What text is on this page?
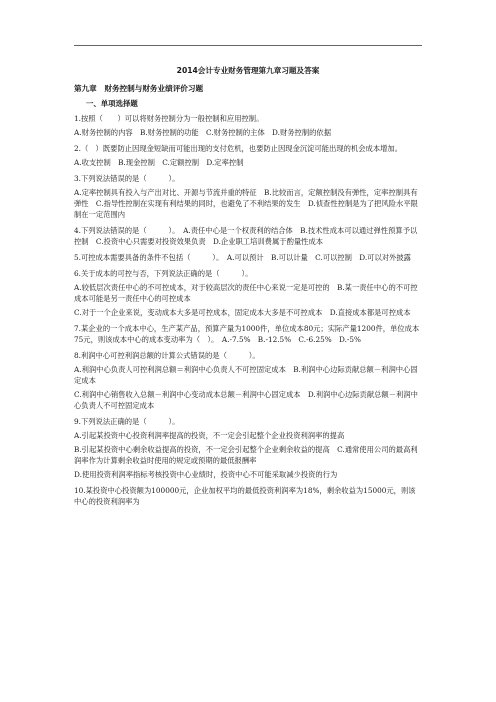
2014会计专业财务管理第九章习题及答案
第九章　财务控制与财务业绩评价习题
一、单项选择题
1.按照（　　）可以将财务控制分为一般控制和应用控制。
A.财务控制的内容　B.财务控制的功能　C.财务控制的主体　D.财务控制的依据
2.（　）既要防止因现金短缺而可能出现的支付危机，也要防止因现金沉淀可能出现的机会成本增加。
A.收支控制　B.现金控制　C.定额控制　D.定率控制
3.下列说法错误的是（　　　）。
A.定率控制具有投入与产出对比、开源与节流并重的特征　B.比较而言，定额控制没有弹性，定率控制具有弹性　C.指导性控制在实现有利结果的同时，也避免了不利结果的发生　D.侦查性控制是为了把风险水平限制在一定范围内
4.下列说法错误的是（　　　）。　A.责任中心是一个权责利的结合体　B.技术性成本可以通过弹性预算予以控制　C.投资中心只需要对投资效果负责　D.企业职工培训费属于酌量性成本
5.可控成本需要具备的条件不包括（　　　）。　A.可以预计　B.可以计量　C.可以控制　D.可以对外披露
6.关于成本的可控与否，下列说法正确的是（　　　）。
A.较低层次责任中心的不可控成本，对于较高层次的责任中心来说一定是可控的　B.某一责任中心的不可控成本可能是另一责任中心的可控成本
C.对于一个企业来说，变动成本大多是可控成本，固定成本大多是不可控成本　D.直接成本都是可控成本
7.某企业的一个成本中心，生产某产品，预算产量为1000件，单位成本80元；实际产量1200件，单位成本75元，则该成本中心的成本变动率为（　）。　A.-7.5%　B.-12.5%　C.-6.25%　D.-5%
8.利润中心可控利润总额的计算公式错误的是（　　　）。
A.利润中心负责人可控利润总额＝利润中心负责人不可控固定成本　B.利润中心边际贡献总额－利润中心固定成本
C.利润中心销售收入总额－利润中心变动成本总额－利润中心固定成本　D.利润中心边际贡献总额－利润中心负责人不可控固定成本
9.下列说法正确的是（　　　）。
A.引起某投资中心投资利润率提高的投资，不一定会引起整个企业投资利润率的提高
B.引起某投资中心剩余收益提高的投资，不一定会引起整个企业剩余收益的提高　C.通常使用公司的最高利润率作为计算剩余收益时使用的规定或预期的最低报酬率
D.使用投资利润率指标考核投资中心业绩时，投资中心不可能采取减少投资的行为
10.某投资中心投资额为100000元，企业加权平均的最低投资利润率为18%，剩余收益为15000元，则该中心的投资利润率为
